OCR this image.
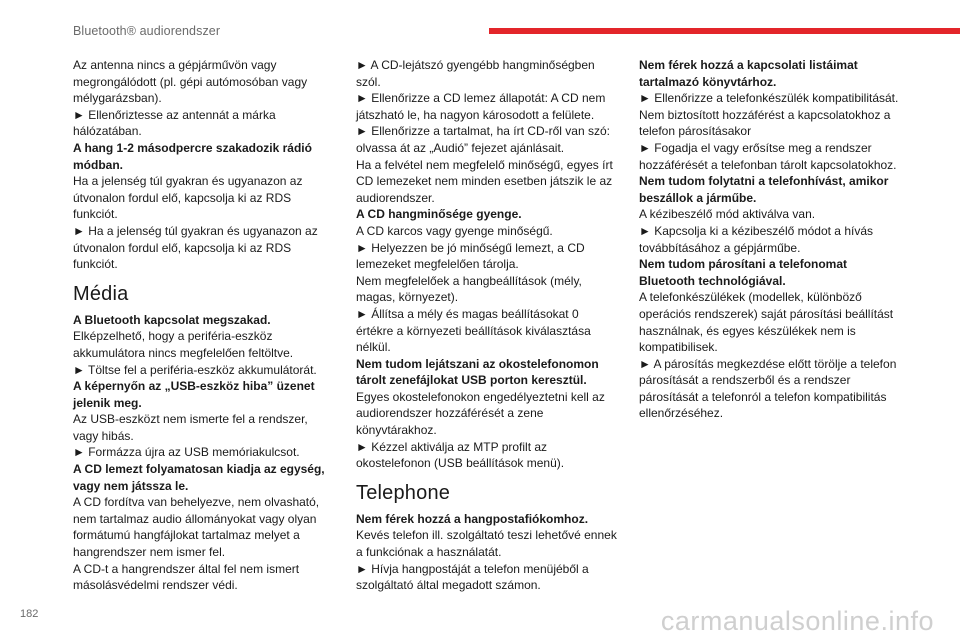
Bluetooth® audiorendszer

Az antenna nincs a gépjárművön vagy megrongálódott (pl. gépi autómosóban vagy mélygarázsban).

► Ellenőriztesse az antennát a márka hálózatában.

A hang 1-2 másodpercre szakadozik rádió módban.

Ha a jelenség túl gyakran és ugyanazon az útvonalon fordul elő, kapcsolja ki az RDS funkciót.

► Ha a jelenség túl gyakran és ugyanazon az útvonalon fordul elő, kapcsolja ki az RDS funkciót.

Média

A Bluetooth kapcsolat megszakad.

Elképzelhető, hogy a periféria-eszköz akkumulátora nincs megfelelően feltöltve.

► Töltse fel a periféria-eszköz akkumulátorát.

A képernyőn az „USB-eszköz hiba” üzenet jelenik meg.

Az USB-eszközt nem ismerte fel a rendszer, vagy hibás.

► Formázza újra az USB memóriakulcsot.

A CD lemezt folyamatosan kiadja az egység, vagy nem játssza le.

A CD fordítva van behelyezve, nem olvasható, nem tartalmaz audio állományokat vagy olyan formátumú hangfájlokat tartalmaz melyet a hangrendszer nem ismer fel.

A CD-t a hangrendszer által fel nem ismert másolásvédelmi rendszer védi.

► A CD-lejátszó gyengébb hangminőségben szól.

► Ellenőrizze a CD lemez állapotát: A CD nem játszható le, ha nagyon károsodott a felülete.

► Ellenőrizze a tartalmat, ha írt CD-ről van szó: olvassa át az „Audió” fejezet ajánlásait.

Ha a felvétel nem megfelelő minőségű, egyes írt CD lemezeket nem minden esetben játszik le az audiorendszer.

A CD hangminősége gyenge.

A CD karcos vagy gyenge minőségű.

► Helyezzen be jó minőségű lemezt, a CD lemezeket megfelelően tárolja.

Nem megfelelőek a hangbeállítások (mély, magas, környezet).

► Állítsa a mély és magas beállításokat 0 értékre a környezeti beállítások kiválasztása nélkül.

Nem tudom lejátszani az okostelefonomon tárolt zenefájlokat USB porton keresztül.

Egyes okostelefonokon engedélyeztetni kell az audiorendszer hozzáférését a zene könyvtárakhoz.

► Kézzel aktiválja az MTP profilt az okostelefonon (USB beállítások menü).

Telephone

Nem férek hozzá a hangpostafiókomhoz.

Kevés telefon ill. szolgáltató teszi lehetővé ennek a funkciónak a használatát.

► Hívja hangpostáját a telefon menüjéből a szolgáltató által megadott számon.

Nem férek hozzá a kapcsolati listáimat tartalmazó könyvtárhoz.

► Ellenőrizze a telefonkészülék kompatibilitását.

Nem biztosított hozzáférést a kapcsolatokhoz a telefon párosításakor

► Fogadja el vagy erősítse meg a rendszer hozzáférését a telefonban tárolt kapcsolatokhoz.

Nem tudom folytatni a telefonhívást, amikor beszállok a járműbe.

A kézibeszélő mód aktiválva van.

► Kapcsolja ki a kézibeszélő módot a hívás továbbításához a gépjárműbe.

Nem tudom párosítani a telefonomat Bluetooth technológiával.

A telefonkészülékek (modellek, különböző operációs rendszerek) saját párosítási beállítást használnak, és egyes készülékek nem is kompatibilisek.

► A párosítás megkezdése előtt törölje a telefon párosítását a rendszerből és a rendszer párosítását a telefonról a telefon kompatibilitás ellenőrzéséhez.

182	carmanualsonline.info
